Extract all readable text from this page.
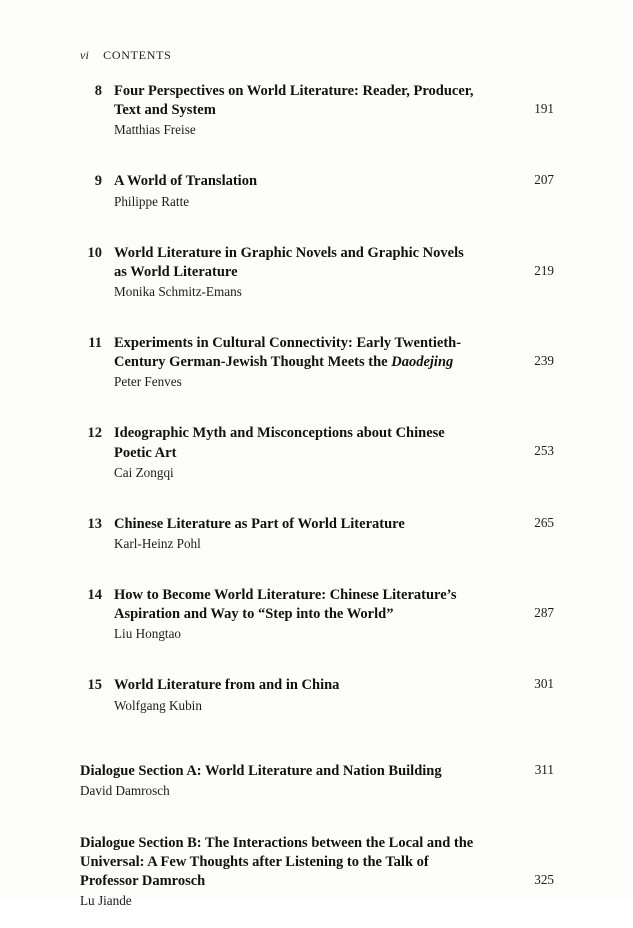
vi CONTENTS
8 Four Perspectives on World Literature: Reader, Producer,
Text and System
Matthias Freise
191
9 A World of Translation
Philippe Ratte
207
10 World Literature in Graphic Novels and Graphic Novels
as World Literature
Monika Schmitz-Emans
219
11 Experiments in Cultural Connectivity: Early Twentieth-
Century German-Jewish Thought Meets the Daodejing
Peter Fenves
239
12 Ideographic Myth and Misconceptions about Chinese
Poetic Art
Cai Zongqi
253
13 Chinese Literature as Part of World Literature
Karl-Heinz Pohl
265
14 How to Become World Literature: Chinese Literature’s
Aspiration and Way to “Step into the World”
Liu Hongtao
287
15 World Literature from and in China
Wolfgang Kubin
301
Dialogue Section A: World Literature and Nation Building
David Damrosch
311
Dialogue Section B: The Interactions between the Local and the
Universal: A Few Thoughts after Listening to the Talk of
Professor Damrosch
Lu Jiande
325
